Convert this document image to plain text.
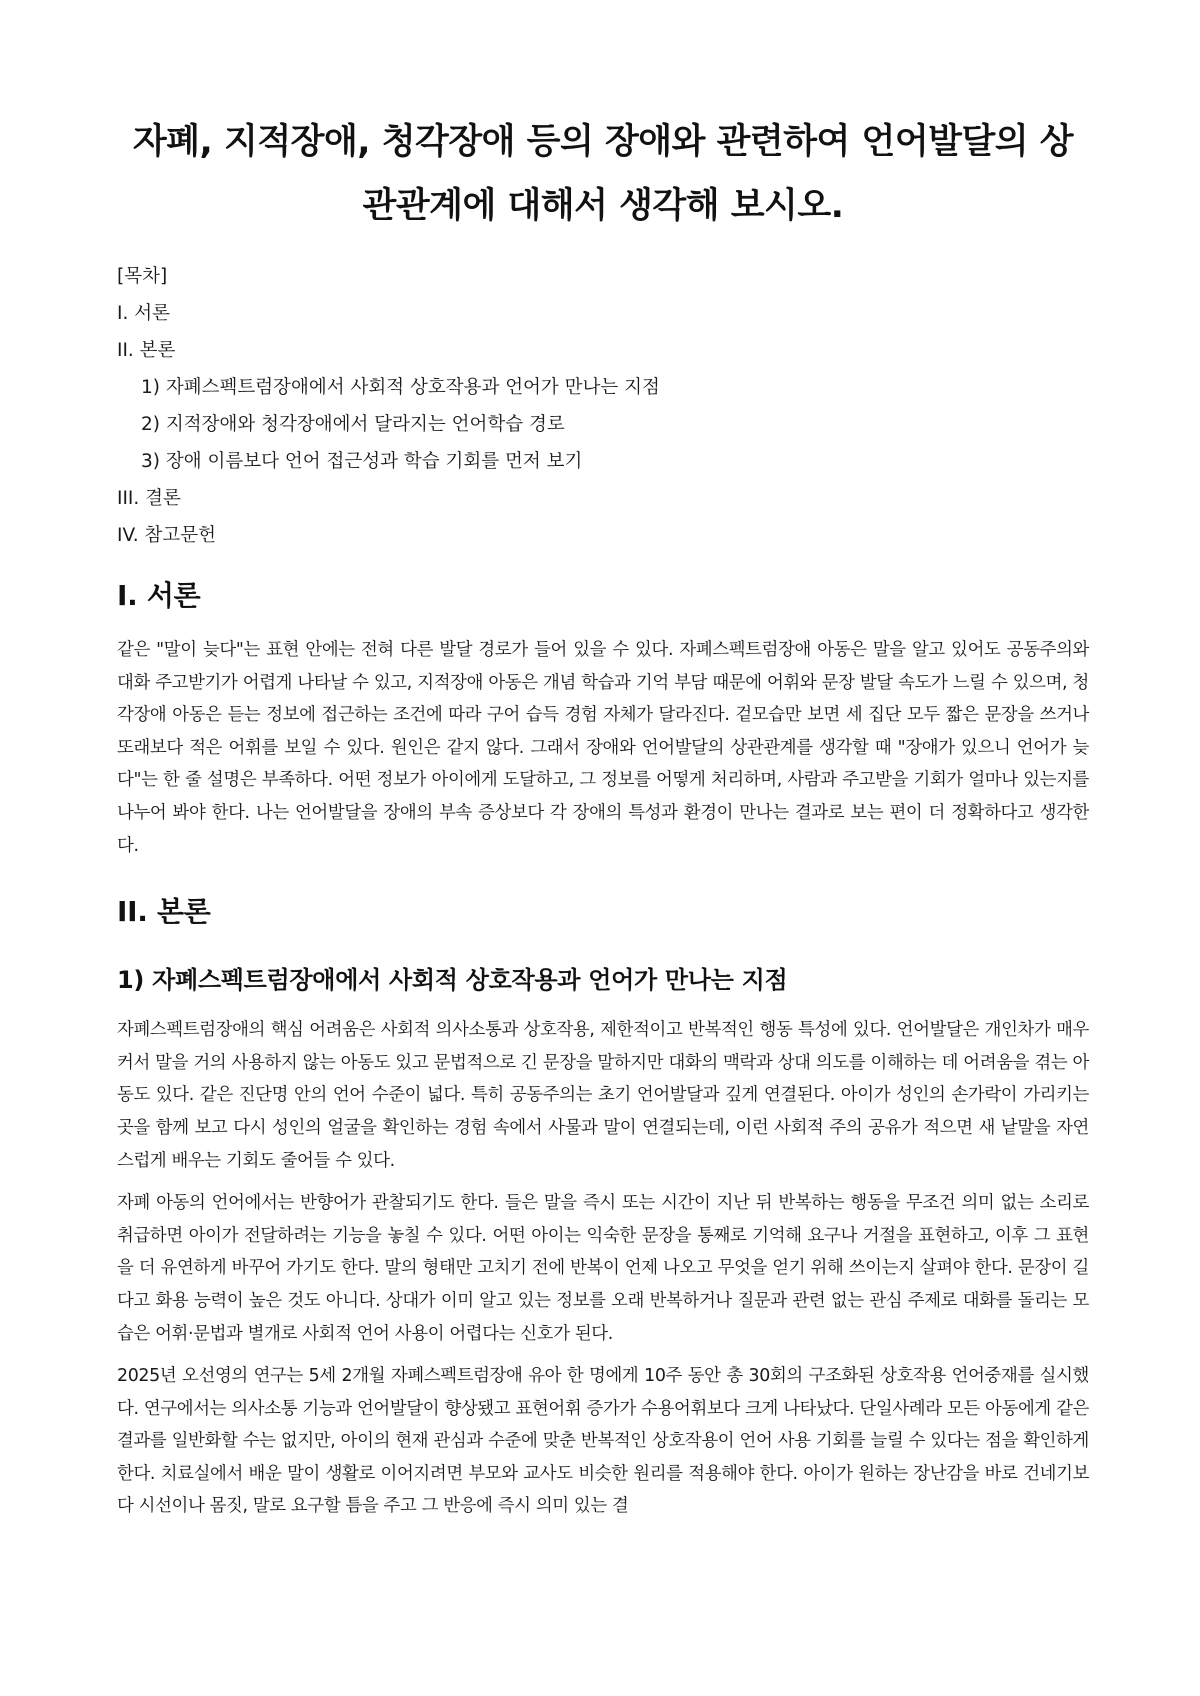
자폐, 지적장애, 청각장애 등의 장애와 관련하여 언어발달의 상관관계에 대해서 생각해 보시오.
[목차]
I. 서론
II. 본론
1) 자폐스펙트럼장애에서 사회적 상호작용과 언어가 만나는 지점
2) 지적장애와 청각장애에서 달라지는 언어학습 경로
3) 장애 이름보다 언어 접근성과 학습 기회를 먼저 보기
III. 결론
IV. 참고문헌
I. 서론

같은 "말이 늦다"는 표현 안에는 전혀 다른 발달 경로가 들어 있을 수 있다. 자폐스펙트럼장애 아동은 말을 알고 있어도 공동주의와 대화 주고받기가 어렵게 나타날 수 있고, 지적장애 아동은 개념 학습과 기억 부담 때문에 어휘와 문장 발달 속도가 느릴 수 있으며, 청각장애 아동은 듣는 정보에 접근하는 조건에 따라 구어 습득 경험 자체가 달라진다. 겉모습만 보면 세 집단 모두 짧은 문장을 쓰거나 또래보다 적은 어휘를 보일 수 있다. 원인은 같지 않다. 그래서 장애와 언어발달의 상관관계를 생각할 때 "장애가 있으니 언어가 늦다"는 한 줄 설명은 부족하다. 어떤 정보가 아이에게 도달하고, 그 정보를 어떻게 처리하며, 사람과 주고받을 기회가 얼마나 있는지를 나누어 봐야 한다. 나는 언어발달을 장애의 부속 증상보다 각 장애의 특성과 환경이 만나는 결과로 보는 편이 더 정확하다고 생각한다.

II. 본론
1) 자폐스펙트럼장애에서 사회적 상호작용과 언어가 만나는 지점

자폐스펙트럼장애의 핵심 어려움은 사회적 의사소통과 상호작용, 제한적이고 반복적인 행동 특성에 있다. 언어발달은 개인차가 매우 커서 말을 거의 사용하지 않는 아동도 있고 문법적으로 긴 문장을 말하지만 대화의 맥락과 상대 의도를 이해하는 데 어려움을 겪는 아동도 있다. 같은 진단명 안의 언어 수준이 넓다. 특히 공동주의는 초기 언어발달과 깊게 연결된다. 아이가 성인의 손가락이 가리키는 곳을 함께 보고 다시 성인의 얼굴을 확인하는 경험 속에서 사물과 말이 연결되는데, 이런 사회적 주의 공유가 적으면 새 낱말을 자연스럽게 배우는 기회도 줄어들 수 있다.

자폐 아동의 언어에서는 반향어가 관찰되기도 한다. 들은 말을 즉시 또는 시간이 지난 뒤 반복하는 행동을 무조건 의미 없는 소리로 취급하면 아이가 전달하려는 기능을 놓칠 수 있다. 어떤 아이는 익숙한 문장을 통째로 기억해 요구나 거절을 표현하고, 이후 그 표현을 더 유연하게 바꾸어 가기도 한다. 말의 형태만 고치기 전에 반복이 언제 나오고 무엇을 얻기 위해 쓰이는지 살펴야 한다. 문장이 길다고 화용 능력이 높은 것도 아니다. 상대가 이미 알고 있는 정보를 오래 반복하거나 질문과 관련 없는 관심 주제로 대화를 돌리는 모습은 어휘·문법과 별개로 사회적 언어 사용이 어렵다는 신호가 된다.

2025년 오선영의 연구는 5세 2개월 자폐스펙트럼장애 유아 한 명에게 10주 동안 총 30회의 구조화된 상호작용 언어중재를 실시했다. 연구에서는 의사소통 기능과 언어발달이 향상됐고 표현어휘 증가가 수용어휘보다 크게 나타났다. 단일사례라 모든 아동에게 같은 결과를 일반화할 수는 없지만, 아이의 현재 관심과 수준에 맞춘 반복적인 상호작용이 언어 사용 기회를 늘릴 수 있다는 점을 확인하게 한다. 치료실에서 배운 말이 생활로 이어지려면 부모와 교사도 비슷한 원리를 적용해야 한다. 아이가 원하는 장난감을 바로 건네기보다 시선이나 몸짓, 말로 요구할 틈을 주고 그 반응에 즉시 의미 있는 결
